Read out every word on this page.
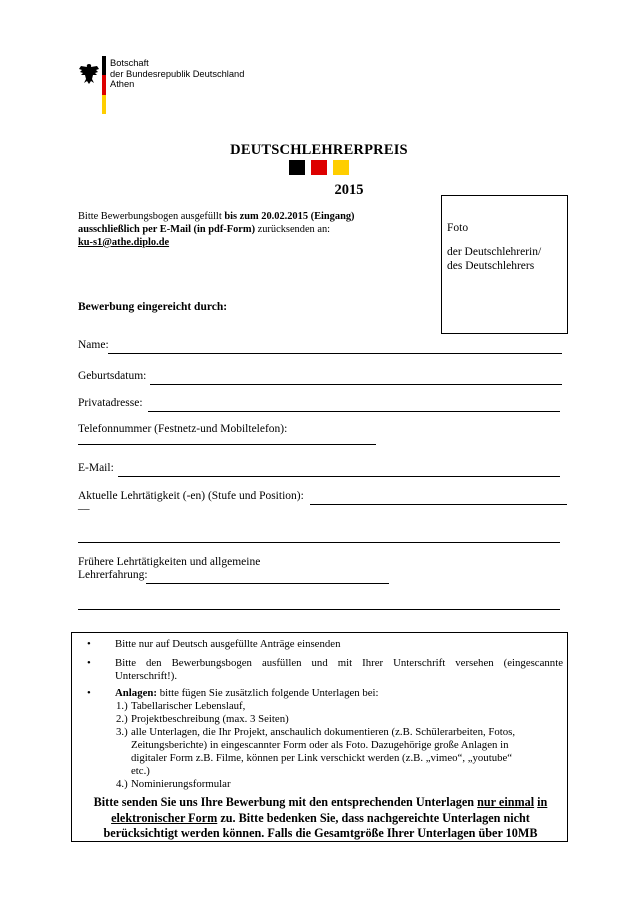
Botschaft
der Bundesrepublik Deutschland
Athen
DEUTSCHLEHRERPREIS
2015
Bitte Bewerbungsbogen ausgefüllt bis zum 20.02.2015 (Eingang)
ausschließlich per E-Mail (in pdf-Form) zurücksenden an:
ku-s1@athe.diplo.de
Foto
der Deutschlehrerin/
des Deutschlehrers
Bewerbung eingereicht durch:
Name:
Geburtsdatum:
Privatadresse:
Telefonnummer (Festnetz-und Mobiltelefon):
E-Mail:
Aktuelle Lehrtätigkeit (-en) (Stufe und Position):
__
Frühere Lehrtätigkeiten und allgemeine
Lehrerfahrung:
• Bitte nur auf Deutsch ausgefüllte Anträge einsenden
• Bitte den Bewerbungsbogen ausfüllen und mit Ihrer Unterschrift versehen (eingescannte
Unterschrift!).
• Anlagen: bitte fügen Sie zusätzlich folgende Unterlagen bei:
1.) Tabellarischer Lebenslauf,
2.) Projektbeschreibung (max. 3 Seiten)
3.) alle Unterlagen, die Ihr Projekt, anschaulich dokumentieren (z.B. Schülerarbeiten, Fotos,
Zeitungsberichte) in eingescannter Form oder als Foto. Dazugehörige große Anlagen in
digitaler Form z.B. Filme, können per Link verschickt werden (z.B. „vimeo“, „youtube“
etc.)
4.) Nominierungsformular
Bitte senden Sie uns Ihre Bewerbung mit den entsprechenden Unterlagen nur einmal in
elektronischer Form zu. Bitte bedenken Sie, dass nachgereichte Unterlagen nicht
berücksichtigt werden können. Falls die Gesamtgröße Ihrer Unterlagen über 10MB
